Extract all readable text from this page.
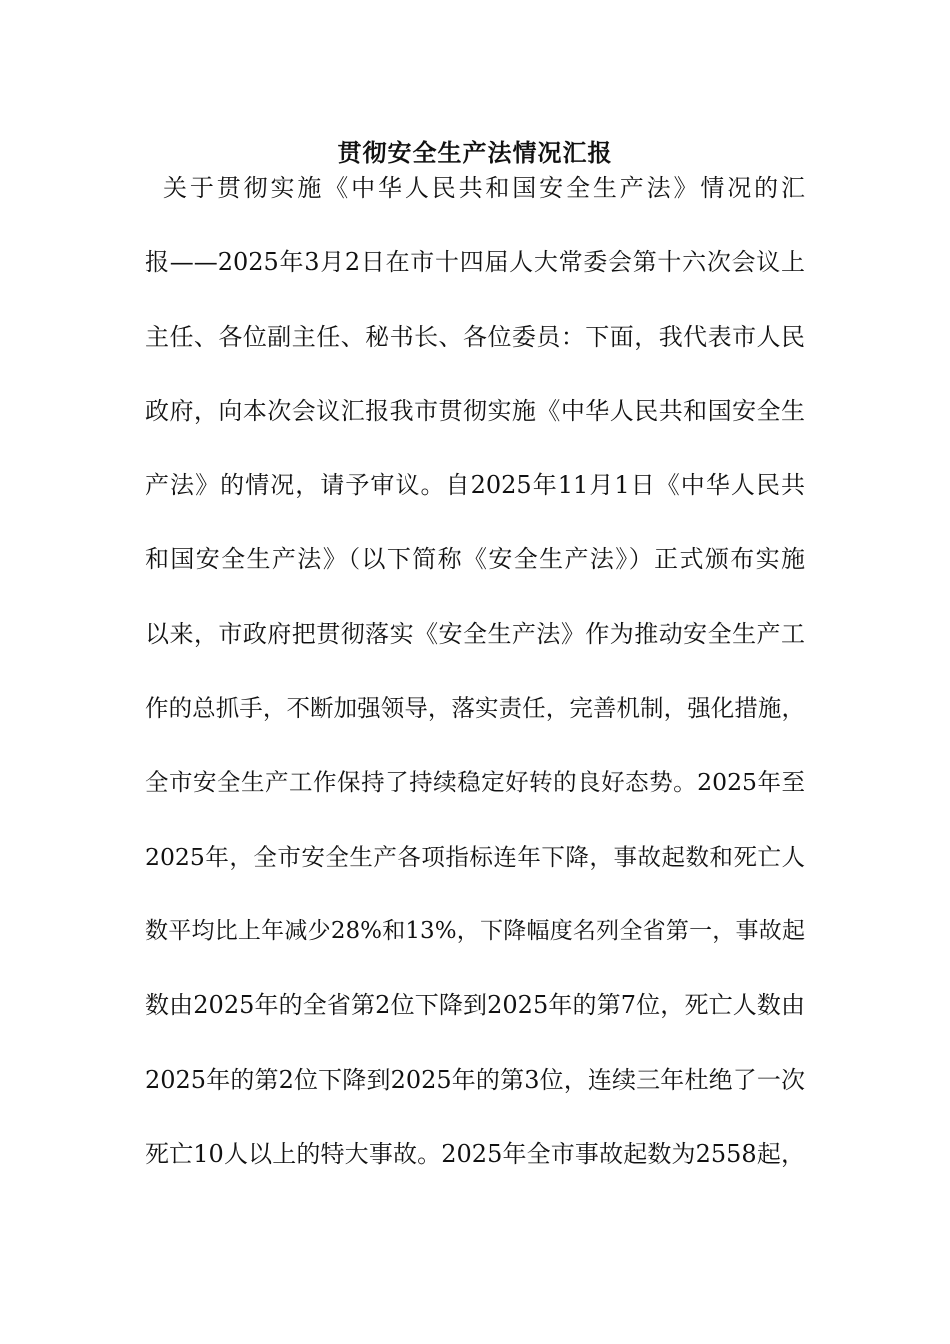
贯彻安全生产法情况汇报
关于贯彻实施《中华人民共和国安全生产法》情况的汇
报——2025年3月2日在市十四届人大常委会第十六次会议上
主任、各位副主任、秘书长、各位委员：下面，我代表市人民
政府，向本次会议汇报我市贯彻实施《中华人民共和国安全生
产法》的情况，请予审议。自2025年11月1日《中华人民共
和国安全生产法》（以下简称《安全生产法》）正式颁布实施
以来，市政府把贯彻落实《安全生产法》作为推动安全生产工
作的总抓手，不断加强领导，落实责任，完善机制，强化措施，
全市安全生产工作保持了持续稳定好转的良好态势。2025年至
2025年，全市安全生产各项指标连年下降，事故起数和死亡人
数平均比上年减少28%和13%，下降幅度名列全省第一，事故起
数由2025年的全省第2位下降到2025年的第7位，死亡人数由
2025年的第2位下降到2025年的第3位，连续三年杜绝了一次
死亡10人以上的特大事故。2025年全市事故起数为2558起，
